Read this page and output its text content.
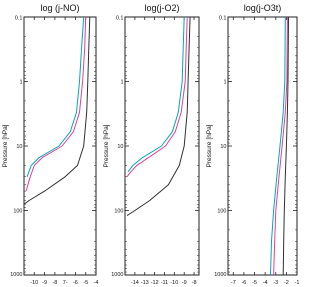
log (j-NO)
Pressure [hPa]
0.1
1
10
100
1000
-10 -9 -8 7- -6 -5 -4
log(j-O2)
Pressure [hPa]
0.1
1
10
100
1000
-14 -13 -12 -11 -10 -9 -8
log(j-O3t)
Pressure [hPa]
0.1
1
10
100
1000
-7 -6 -5 -4 -3 -2 -1
